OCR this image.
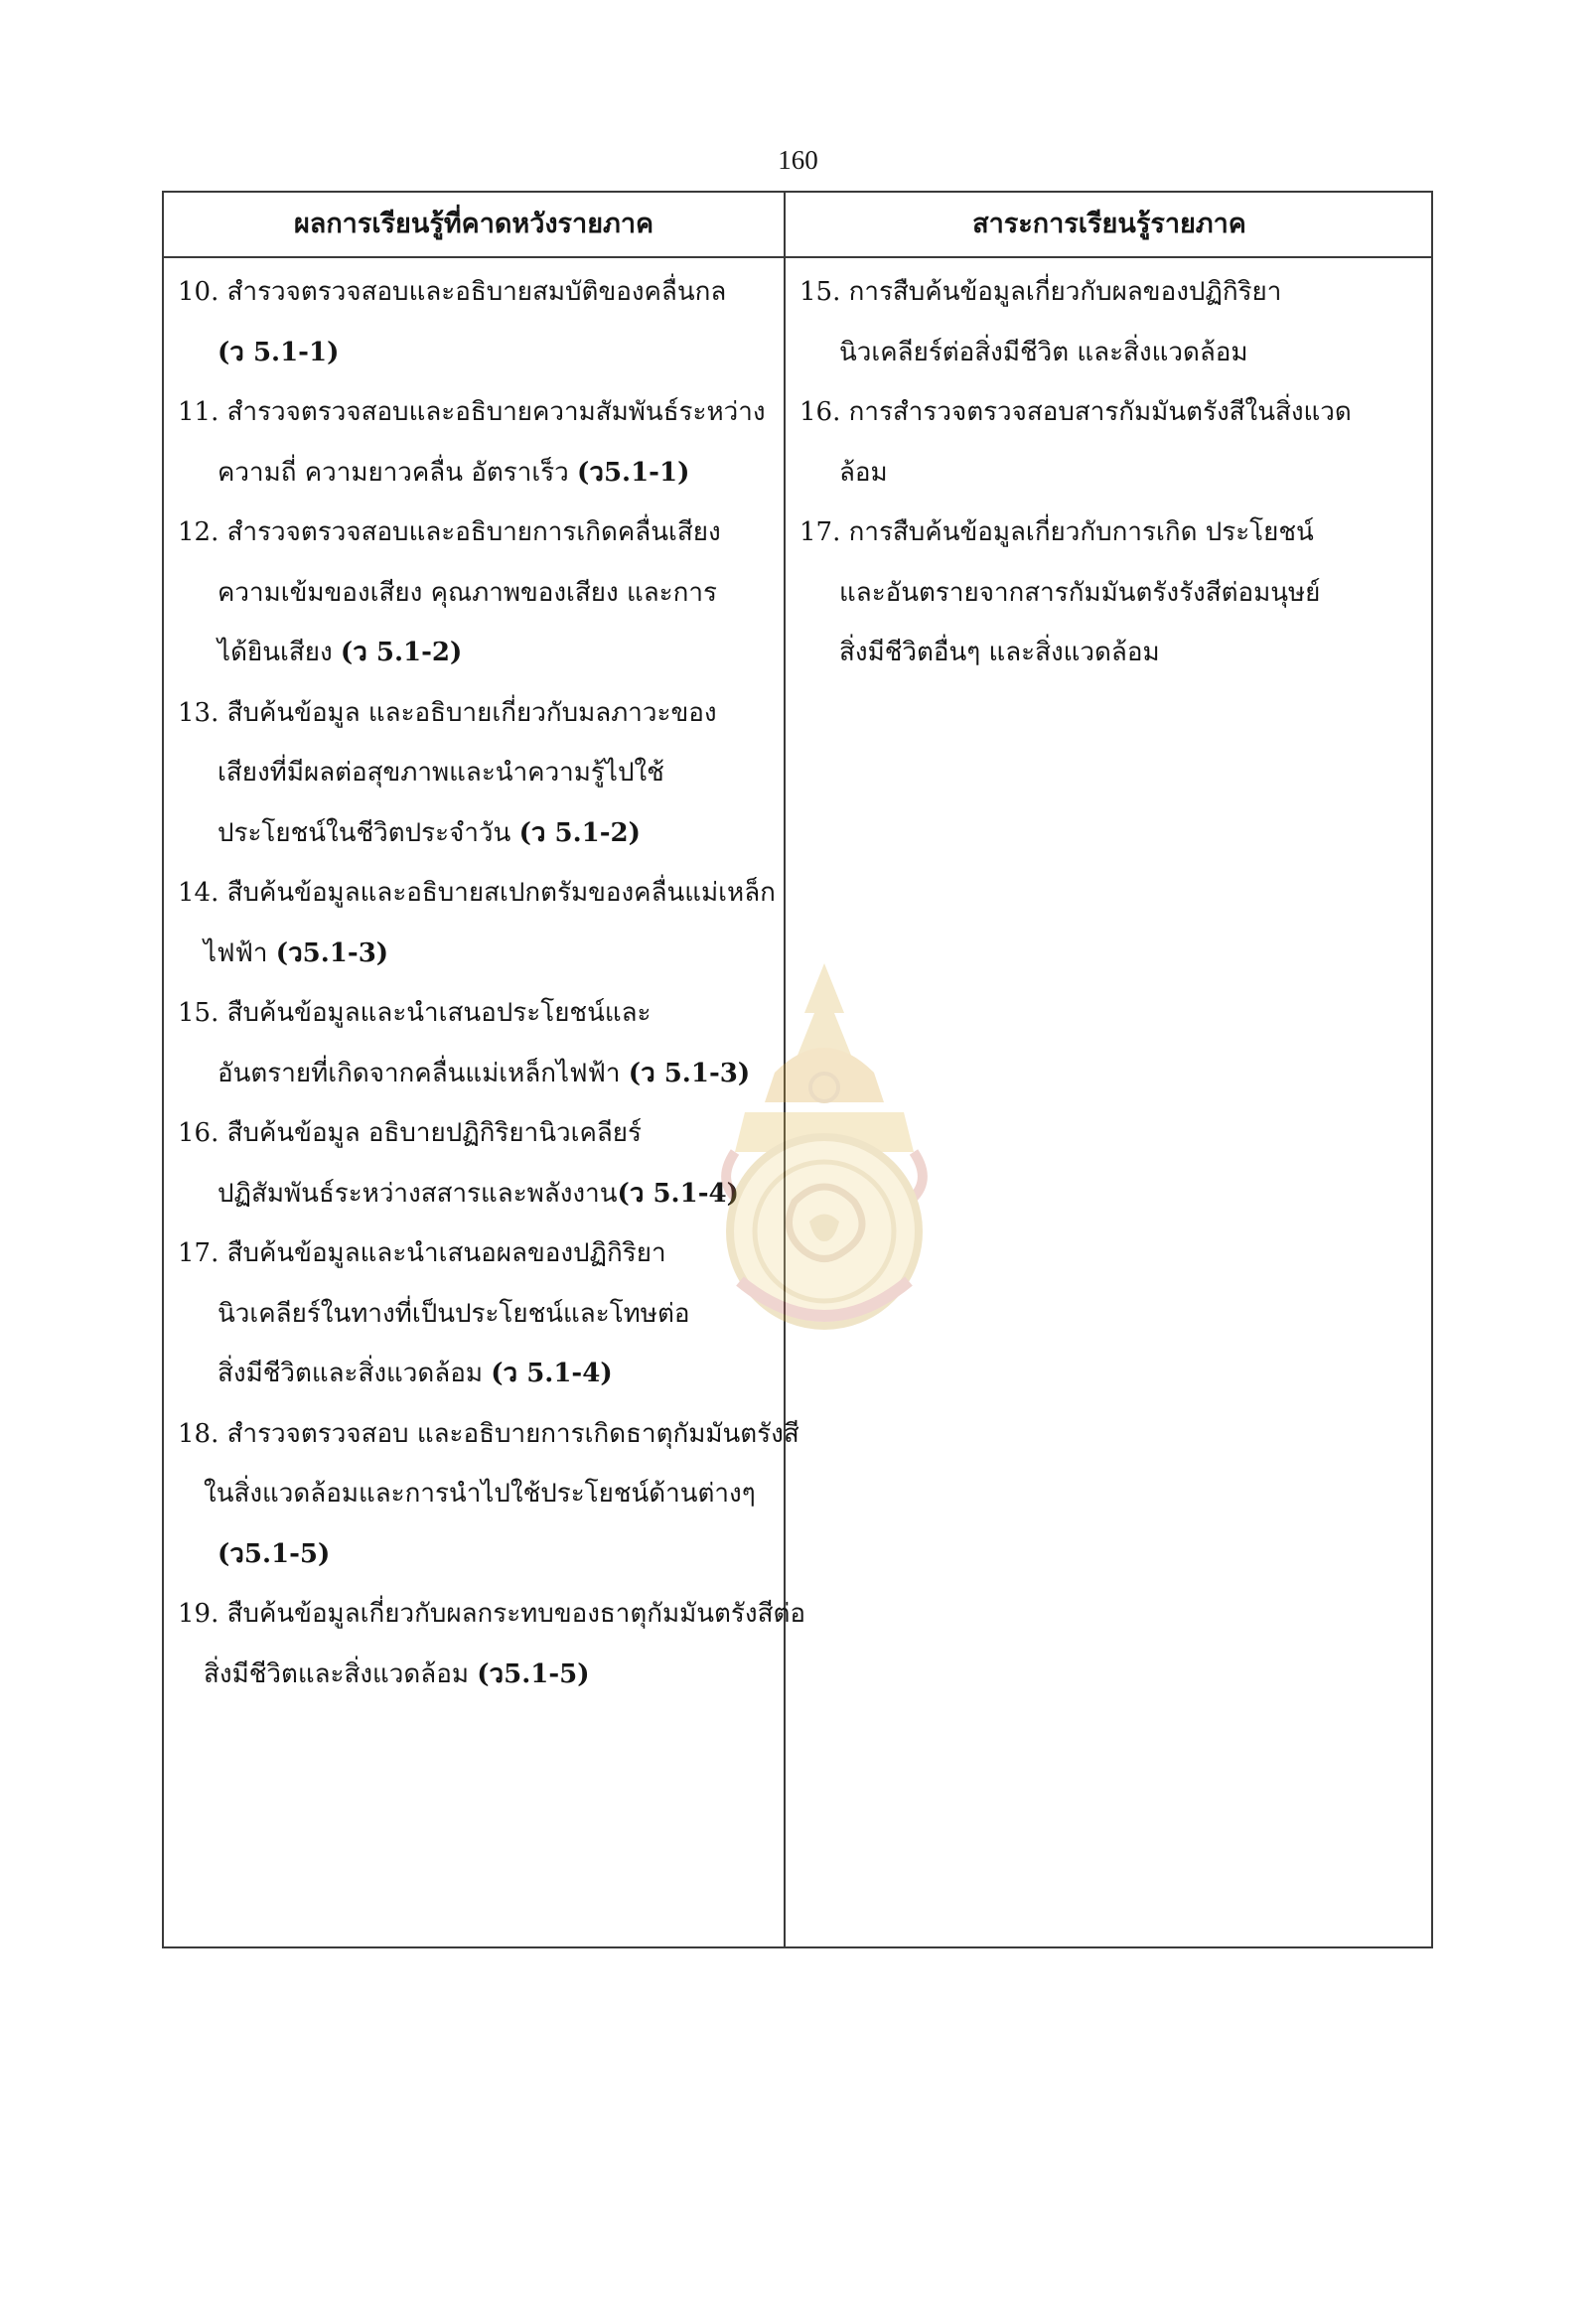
160
ผลการเรียนรู้ที่คาดหวังรายภาค	สาระการเรียนรู้รายภาค
10. สำรวจตรวจสอบและอธิบายสมบัติของคลื่นกล
(ว 5.1-1)
11. สำรวจตรวจสอบและอธิบายความสัมพันธ์ระหว่าง
ความถี่ ความยาวคลื่น อัตราเร็ว (ว5.1-1)
12. สำรวจตรวจสอบและอธิบายการเกิดคลื่นเสียง
ความเข้มของเสียง คุณภาพของเสียง และการ
ได้ยินเสียง (ว 5.1-2)
13. สืบค้นข้อมูล และอธิบายเกี่ยวกับมลภาวะของ
เสียงที่มีผลต่อสุขภาพและนำความรู้ไปใช้
ประโยชน์ในชีวิตประจำวัน (ว 5.1-2)
14. สืบค้นข้อมูลและอธิบายสเปกตรัมของคลื่นแม่เหล็ก
ไฟฟ้า (ว5.1-3)
15. สืบค้นข้อมูลและนำเสนอประโยชน์และ
อันตรายที่เกิดจากคลื่นแม่เหล็กไฟฟ้า (ว 5.1-3)
16. สืบค้นข้อมูล อธิบายปฏิกิริยานิวเคลียร์
ปฏิสัมพันธ์ระหว่างสสารและพลังงาน(ว 5.1-4)
17. สืบค้นข้อมูลและนำเสนอผลของปฏิกิริยา
นิวเคลียร์ในทางที่เป็นประโยชน์และโทษต่อ
สิ่งมีชีวิตและสิ่งแวดล้อม (ว 5.1-4)
18. สำรวจตรวจสอบ และอธิบายการเกิดธาตุกัมมันตรังสี
ในสิ่งแวดล้อมและการนำไปใช้ประโยชน์ด้านต่างๆ
(ว5.1-5)
19. สืบค้นข้อมูลเกี่ยวกับผลกระทบของธาตุกัมมันตรังสีต่อ
สิ่งมีชีวิตและสิ่งแวดล้อม (ว5.1-5)
15. การสืบค้นข้อมูลเกี่ยวกับผลของปฏิกิริยา
นิวเคลียร์ต่อสิ่งมีชีวิต และสิ่งแวดล้อม
16. การสำรวจตรวจสอบสารกัมมันตรังสีในสิ่งแวด
ล้อม
17. การสืบค้นข้อมูลเกี่ยวกับการเกิด ประโยชน์
และอันตรายจากสารกัมมันตรังรังสีต่อมนุษย์
สิ่งมีชีวิตอื่นๆ และสิ่งแวดล้อม
